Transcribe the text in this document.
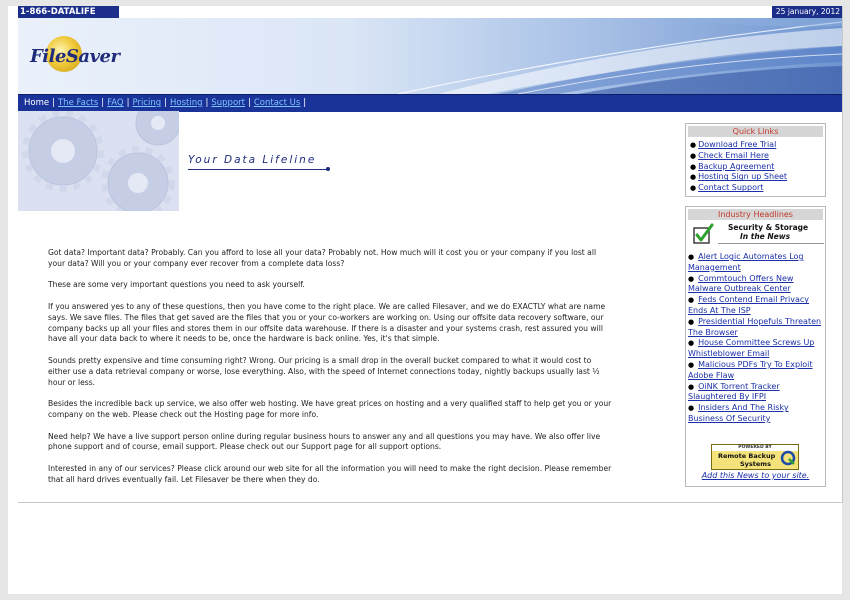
1-866-DATALIFE	25 january, 2012
FileSaver
Home | The Facts | FAQ | Pricing | Hosting | Support | Contact Us |
Your Data Lifeline

Got data? Important data? Probably. Can you afford to lose all your data? Probably not. How much will it cost you or your company if you lost all your data? Will you or your company ever recover from a complete data loss?

These are some very important questions you need to ask yourself.

If you answered yes to any of these questions, then you have come to the right place. We are called Filesaver, and we do EXACTLY what are name says. We save files. The files that get saved are the files that you or your co-workers are working on. Using our offsite data recovery software, our company backs up all your files and stores them in our offsite data warehouse. If there is a disaster and your systems crash, rest assured you will have all your data back to where it needs to be, once the hardware is back online. Yes, it's that simple.

Sounds pretty expensive and time consuming right? Wrong. Our pricing is a small drop in the overall bucket compared to what it would cost to either use a data retrieval company or worse, lose everything. Also, with the speed of Internet connections today, nightly backups usually last ½ hour or less.

Besides the incredible back up service, we also offer web hosting. We have great prices on hosting and a very qualified staff to help get you or your company on the web. Please check out the Hosting page for more info.

Need help? We have a live support person online during regular business hours to answer any and all questions you may have. We also offer live phone support and of course, email support. Please check out our Support page for all support options.

Interested in any of our services? Please click around our web site for all the information you will need to make the right decision. Please remember that all hard drives eventually fail. Let Filesaver be there when they do.

Quick Links
● Download Free Trial
● Check Email Here
● Backup Agreement
● Hosting Sign up Sheet
● Contact Support
Industry Headlines
Security & Storage
In the News
● Alert Logic Automates Log Management
● Commtouch Offers New Malware Outbreak Center
● Feds Contend Email Privacy Ends At The ISP
● Presidential Hopefuls Threaten The Browser
● House Committee Screws Up Whistleblower Email
● Malicious PDFs Try To Exploit Adobe Flaw
● OiNK Torrent Tracker Slaughtered By IFPI
● Insiders And The Risky Business Of Security
POWERED BY
Remote Backup
Systems
Add this News to your site.
